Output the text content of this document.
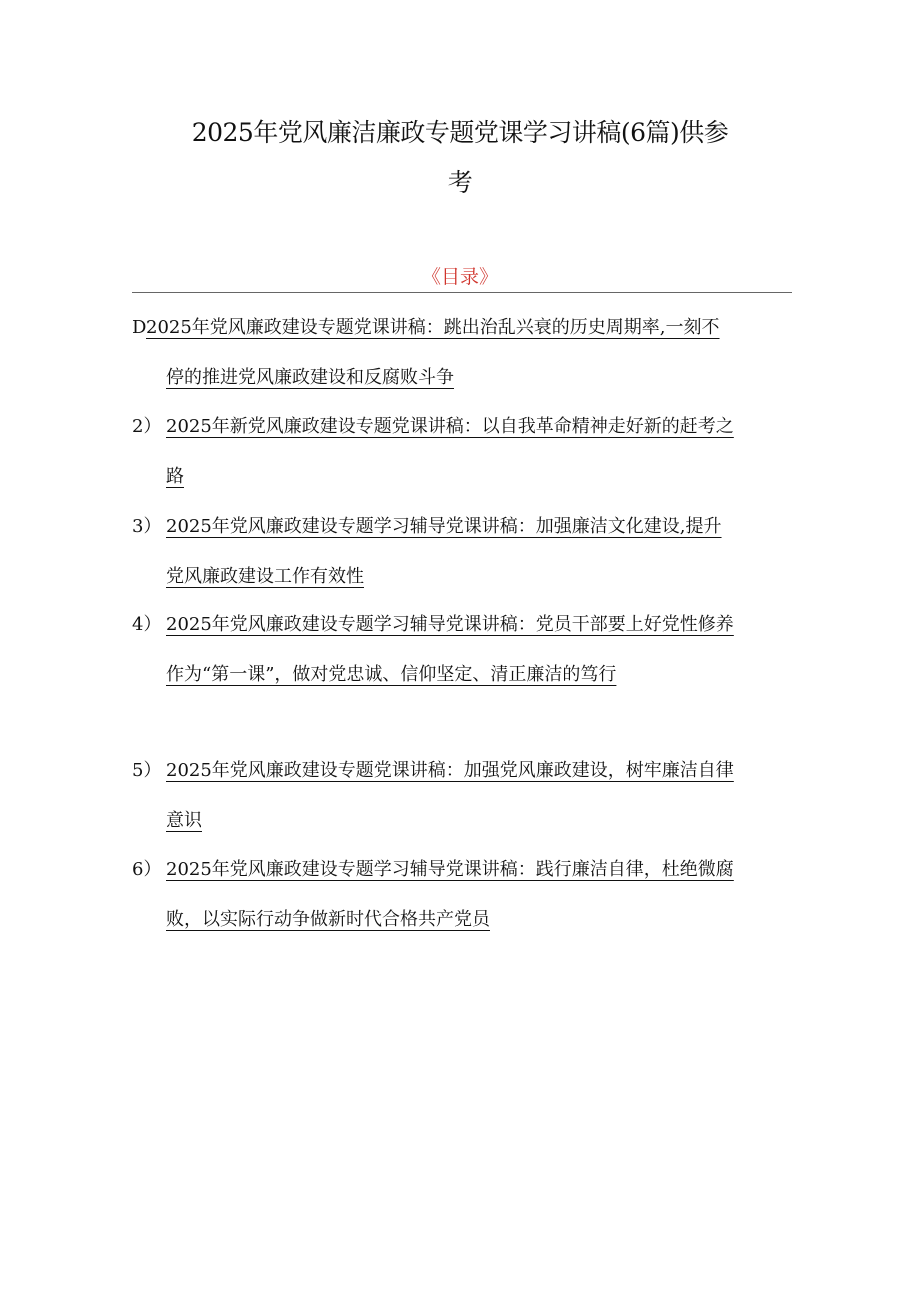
2025年党风廉洁廉政专题党课学习讲稿(6篇)供参
考
《目录》
D 2025年党风廉政建设专题党课讲稿：跳出治乱兴衰的历史周期率,一刻不
停的推进党风廉政建设和反腐败斗争
2） 2025年新党风廉政建设专题党课讲稿：以自我革命精神走好新的赶考之
路
3） 2025年党风廉政建设专题学习辅导党课讲稿：加强廉洁文化建设,提升
党风廉政建设工作有效性
4） 2025年党风廉政建设专题学习辅导党课讲稿：党员干部要上好党性修养
作为“第一课”，做对党忠诚、信仰坚定、清正廉洁的笃行
5） 2025年党风廉政建设专题党课讲稿：加强党风廉政建设，树牢廉洁自律
意识
6） 2025年党风廉政建设专题学习辅导党课讲稿：践行廉洁自律，杜绝微腐
败，以实际行动争做新时代合格共产党员
